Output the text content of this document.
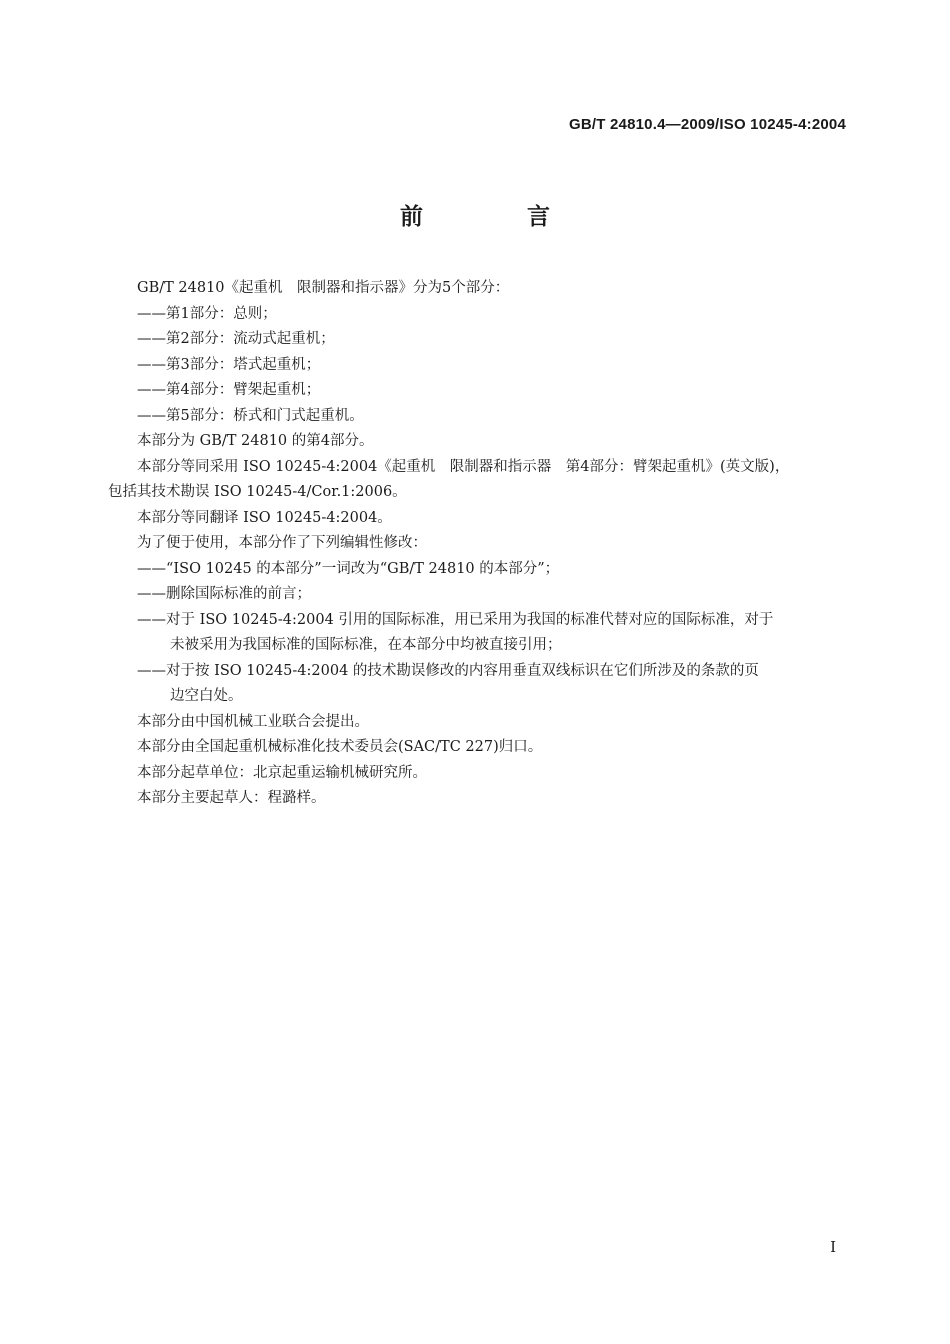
GB/T 24810.4—2009/ISO 10245-4:2004
前 言

GB/T 24810《起重机　限制器和指示器》分为5个部分：

——第1部分：总则；

——第2部分：流动式起重机；

——第3部分：塔式起重机；

——第4部分：臂架起重机；

——第5部分：桥式和门式起重机。

本部分为 GB/T 24810 的第4部分。

本部分等同采用 ISO 10245-4:2004《起重机　限制器和指示器　第4部分：臂架起重机》(英文版)，

包括其技术勘误 ISO 10245-4/Cor.1:2006。

本部分等同翻译 ISO 10245-4:2004。

为了便于使用，本部分作了下列编辑性修改：

——“ISO 10245 的本部分”一词改为“GB/T 24810 的本部分”；

——删除国际标准的前言；

——对于 ISO 10245-4:2004 引用的国际标准，用已采用为我国的标准代替对应的国际标准，对于

未被采用为我国标准的国际标准，在本部分中均被直接引用；

——对于按 ISO 10245-4:2004 的技术勘误修改的内容用垂直双线标识在它们所涉及的条款的页

边空白处。

本部分由中国机械工业联合会提出。

本部分由全国起重机械标准化技术委员会(SAC/TC 227)归口。

本部分起草单位：北京起重运输机械研究所。

本部分主要起草人：程潞样。

I
